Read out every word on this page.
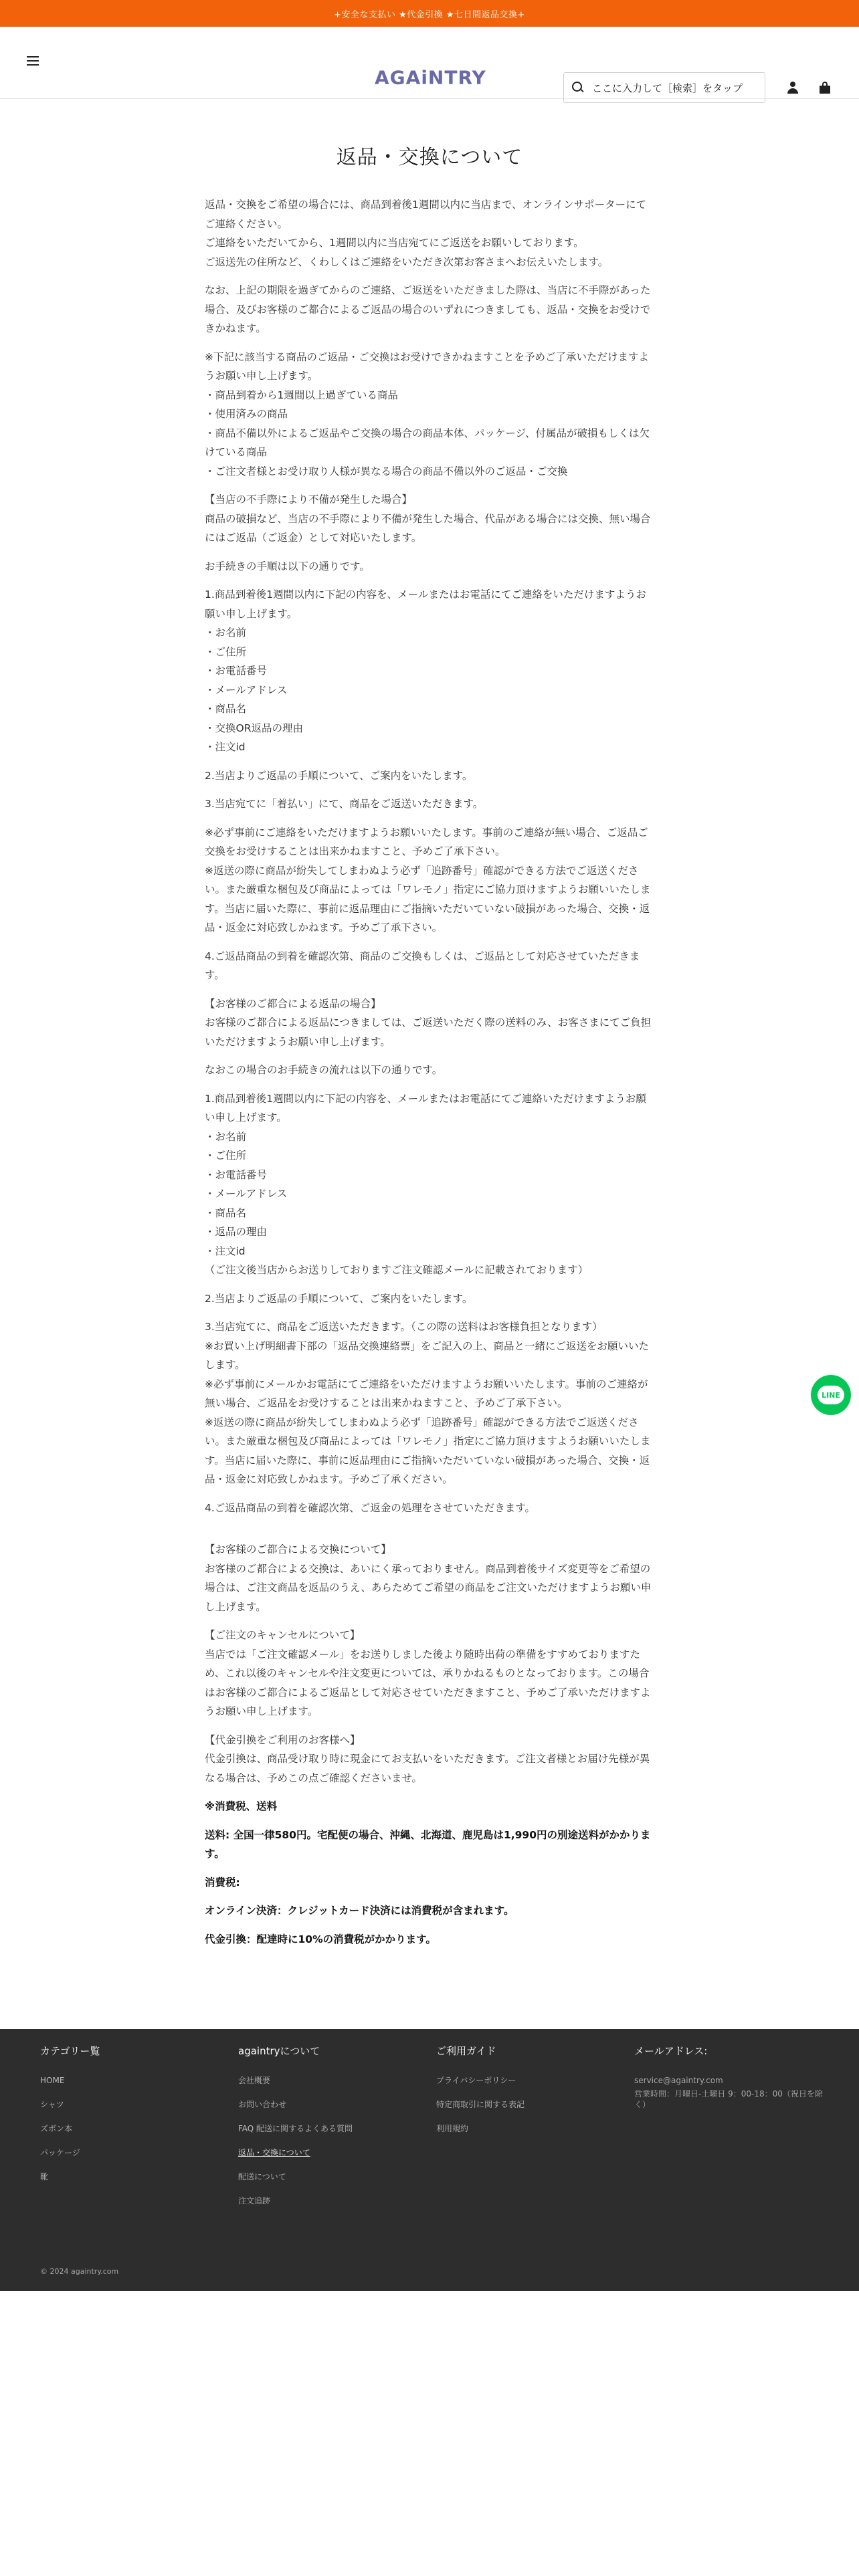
+安全な支払い ★代金引換 ★七日間返品交換+
AGAiNTRY	ここに入力して［検索］をタップ
返品・交換について
返品・交換をご希望の場合には、商品到着後1週間以内に当店まで、オンラインサポーターにてご連絡ください。
ご連絡をいただいてから、1週間以内に当店宛てにご返送をお願いしております。
ご返送先の住所など、くわしくはご連絡をいただき次第お客さまへお伝えいたします。
なお、上記の期限を過ぎてからのご連絡、ご返送をいただきました際は、当店に不手際があった場合、及びお客様のご都合によるご返品の場合のいずれにつきましても、返品・交換をお受けできかねます。
※下記に該当する商品のご返品・ご交換はお受けできかねますことを予めご了承いただけますようお願い申し上げます。
・商品到着から1週間以上過ぎている商品
・使用済みの商品
・商品不備以外によるご返品やご交換の場合の商品本体、パッケージ、付属品が破損もしくは欠けている商品
・ご注文者様とお受け取り人様が異なる場合の商品不備以外のご返品・ご交換
【当店の不手際により不備が発生した場合】
商品の破損など、当店の不手際により不備が発生した場合、代品がある場合には交換、無い場合にはご返品（ご返金）として対応いたします。
お手続きの手順は以下の通りです。
1.商品到着後1週間以内に下記の内容を、メールまたはお電話にてご連絡をいただけますようお願い申し上げます。
・お名前
・ご住所
・お電話番号
・メールアドレス
・商品名
・交換OR返品の理由
・注文id
2.当店よりご返品の手順について、ご案内をいたします。
3.当店宛てに「着払い」にて、商品をご返送いただきます。
※必ず事前にご連絡をいただけますようお願いいたします。事前のご連絡が無い場合、ご返品ご交換をお受けすることは出来かねますこと、予めご了承下さい。
※返送の際に商品が紛失してしまわぬよう必ず「追跡番号」確認ができる方法でご返送ください。また厳重な梱包及び商品によっては「ワレモノ」指定にご協力頂けますようお願いいたします。当店に届いた際に、事前に返品理由にご指摘いただいていない破損があった場合、交換・返品・返金に対応致しかねます。予めご了承下さい。
4.ご返品商品の到着を確認次第、商品のご交換もしくは、ご返品として対応させていただきます。
【お客様のご都合による返品の場合】
お客様のご都合による返品につきましては、ご返送いただく際の送料のみ、お客さまにてご負担いただけますようお願い申し上げます。
なおこの場合のお手続きの流れは以下の通りです。
1.商品到着後1週間以内に下記の内容を、メールまたはお電話にてご連絡いただけますようお願い申し上げます。
・お名前
・ご住所
・お電話番号
・メールアドレス
・商品名
・返品の理由
・注文id
（ご注文後当店からお送りしておりますご注文確認メールに記載されております）
2.当店よりご返品の手順について、ご案内をいたします。
3.当店宛てに、商品をご返送いただきます。（この際の送料はお客様負担となります）
※お買い上げ明細書下部の「返品交換連絡票」をご記入の上、商品と一緒にご返送をお願いいたします。
※必ず事前にメールかお電話にてご連絡をいただけますようお願いいたします。事前のご連絡が無い場合、ご返品をお受けすることは出来かねますこと、予めご了承下さい。
※返送の際に商品が紛失してしまわぬよう必ず「追跡番号」確認ができる方法でご返送ください。また厳重な梱包及び商品によっては「ワレモノ」指定にご協力頂けますようお願いいたします。当店に届いた際に、事前に返品理由にご指摘いただいていない破損があった場合、交換・返品・返金に対応致しかねます。予めご了承ください。
4.ご返品商品の到着を確認次第、ご返金の処理をさせていただきます。
【お客様のご都合による交換について】
お客様のご都合による交換は、あいにく承っておりません。商品到着後サイズ変更等をご希望の場合は、ご注文商品を返品のうえ、あらためてご希望の商品をご注文いただけますようお願い申し上げます。
【ご注文のキャンセルについて】
当店では「ご注文確認メール」をお送りしました後より随時出荷の準備をすすめておりますため、これ以後のキャンセルや注文変更については、承りかねるものとなっております。この場合はお客様のご都合によるご返品として対応させていただきますこと、予めご了承いただけますようお願い申し上げます。
【代金引換をご利用のお客様へ】
代金引換は、商品受け取り時に現金にてお支払いをいただきます。ご注文者様とお届け先様が異なる場合は、予めこの点ご確認くださいませ。
※消費税、送料
送料: 全国一律580円。宅配便の場合、沖縄、北海道、鹿児島は1,990円の別途送料がかかります。
消費税:
オンライン決済：クレジットカード決済には消費税が含まれます。
代金引換：配達時に10%の消費税がかかります。
カテゴリー覧
HOME
シャツ
ズボン本
パッケージ
靴
againtryについて
会社概要
お問い合わせ
FAQ 配送に関するよくある質問
返品・交換について
配送について
注文追跡
ご利用ガイド
プライバシーポリシー
特定商取引に関する表記
利用規約
メールアドレス:

service@againtry.com

営業時間：月曜日-土曜日 9：00-18：00（祝日を除く）

© 2024 againtry.com
LINE
